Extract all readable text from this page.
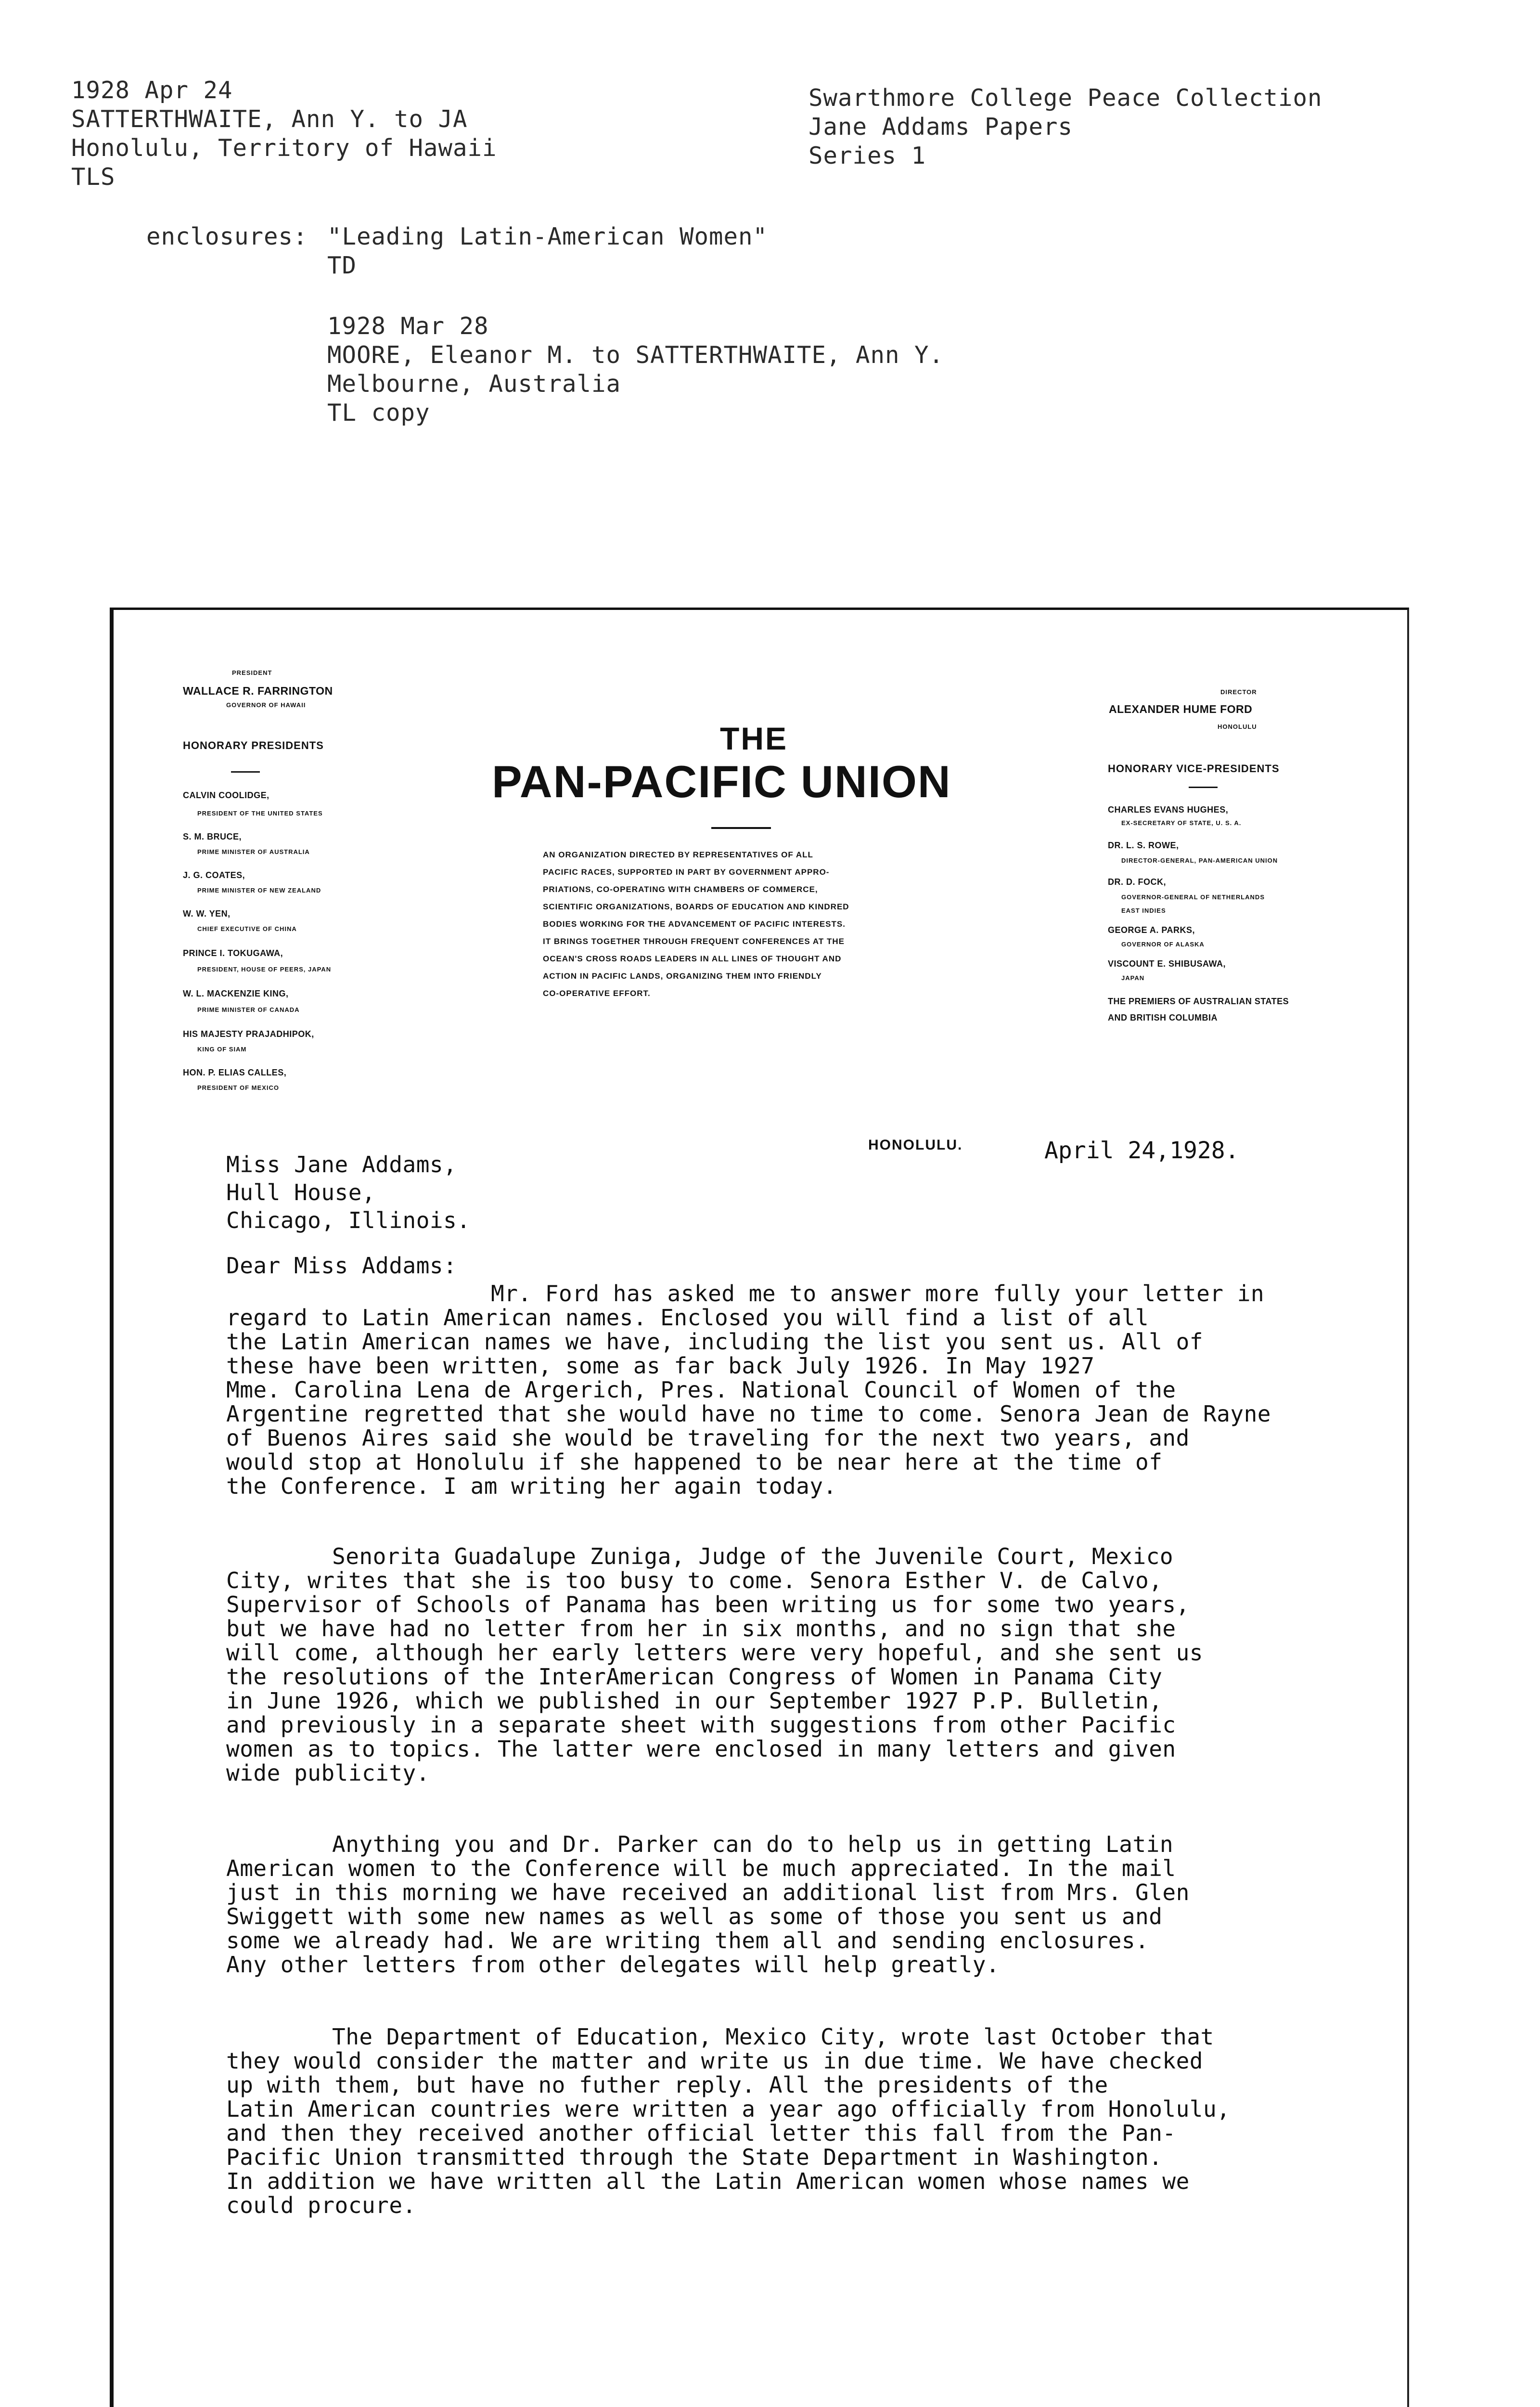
1928 Apr 24
SATTERTHWAITE, Ann Y. to JA
Honolulu, Territory of Hawaii
TLS
Swarthmore College Peace Collection
Jane Addams Papers
Series 1
enclosures: "Leading Latin-American Women"
TD
1928 Mar 28
MOORE, Eleanor M. to SATTERTHWAITE, Ann Y.
Melbourne, Australia
TL copy
PRESIDENT
WALLACE R. FARRINGTON
GOVERNOR OF HAWAII
HONORARY PRESIDENTS
CALVIN COOLIDGE,
PRESIDENT OF THE UNITED STATES
S. M. BRUCE,
PRIME MINISTER OF AUSTRALIA
J. G. COATES,
PRIME MINISTER OF NEW ZEALAND
W. W. YEN,
CHIEF EXECUTIVE OF CHINA
PRINCE I. TOKUGAWA,
PRESIDENT, HOUSE OF PEERS, JAPAN
W. L. MACKENZIE KING,
PRIME MINISTER OF CANADA
HIS MAJESTY PRAJADHIPOK,
KING OF SIAM
HON. P. ELIAS CALLES,
PRESIDENT OF MEXICO
THE
PAN-PACIFIC UNION
AN ORGANIZATION DIRECTED BY REPRESENTATIVES OF ALL
PACIFIC RACES, SUPPORTED IN PART BY GOVERNMENT APPRO-
PRIATIONS, CO-OPERATING WITH CHAMBERS OF COMMERCE,
SCIENTIFIC ORGANIZATIONS, BOARDS OF EDUCATION AND KINDRED
BODIES WORKING FOR THE ADVANCEMENT OF PACIFIC INTERESTS.
IT BRINGS TOGETHER THROUGH FREQUENT CONFERENCES AT THE
OCEAN'S CROSS ROADS LEADERS IN ALL LINES OF THOUGHT AND
ACTION IN PACIFIC LANDS, ORGANIZING THEM INTO FRIENDLY
CO-OPERATIVE EFFORT.
DIRECTOR
ALEXANDER HUME FORD
HONOLULU
HONORARY VICE-PRESIDENTS
CHARLES EVANS HUGHES,
EX-SECRETARY OF STATE, U. S. A.
DR. L. S. ROWE,
DIRECTOR-GENERAL, PAN-AMERICAN UNION
DR. D. FOCK,
GOVERNOR-GENERAL OF NETHERLANDS
EAST INDIES
GEORGE A. PARKS,
GOVERNOR OF ALASKA
VISCOUNT E. SHIBUSAWA,
JAPAN
THE PREMIERS OF AUSTRALIAN STATES
AND BRITISH COLUMBIA
HONOLULU.	April 24,1928.
Miss Jane Addams,
Hull House,
Chicago, Illinois.
Dear Miss Addams:
Mr. Ford has asked me to answer more fully your letter in
regard to Latin American names. Enclosed you will find a list of all
the Latin American names we have, including the list you sent us. All of
these have been written, some as far back July 1926. In May 1927
Mme. Carolina Lena de Argerich, Pres. National Council of Women of the
Argentine regretted that she would have no time to come. Senora Jean de Rayne
of Buenos Aires said she would be traveling for the next two years, and
would stop at Honolulu if she happened to be near here at the time of
the Conference. I am writing her again today.
Senorita Guadalupe Zuniga, Judge of the Juvenile Court, Mexico
City, writes that she is too busy to come. Senora Esther V. de Calvo,
Supervisor of Schools of Panama has been writing us for some two years,
but we have had no letter from her in six months, and no sign that she
will come, although her early letters were very hopeful, and she sent us
the resolutions of the InterAmerican Congress of Women in Panama City
in June 1926, which we published in our September 1927 P.P. Bulletin,
and previously in a separate sheet with suggestions from other Pacific
women as to topics. The latter were enclosed in many letters and given
wide publicity.
Anything you and Dr. Parker can do to help us in getting Latin
American women to the Conference will be much appreciated. In the mail
just in this morning we have received an additional list from Mrs. Glen
Swiggett with some new names as well as some of those you sent us and
some we already had. We are writing them all and sending enclosures.
Any other letters from other delegates will help greatly.
The Department of Education, Mexico City, wrote last October that
they would consider the matter and write us in due time. We have checked
up with them, but have no futher reply. All the presidents of the
Latin American countries were written a year ago officially from Honolulu,
and then they received another official letter this fall from the Pan-
Pacific Union transmitted through the State Department in Washington.
In addition we have written all the Latin American women whose names we
could procure.
